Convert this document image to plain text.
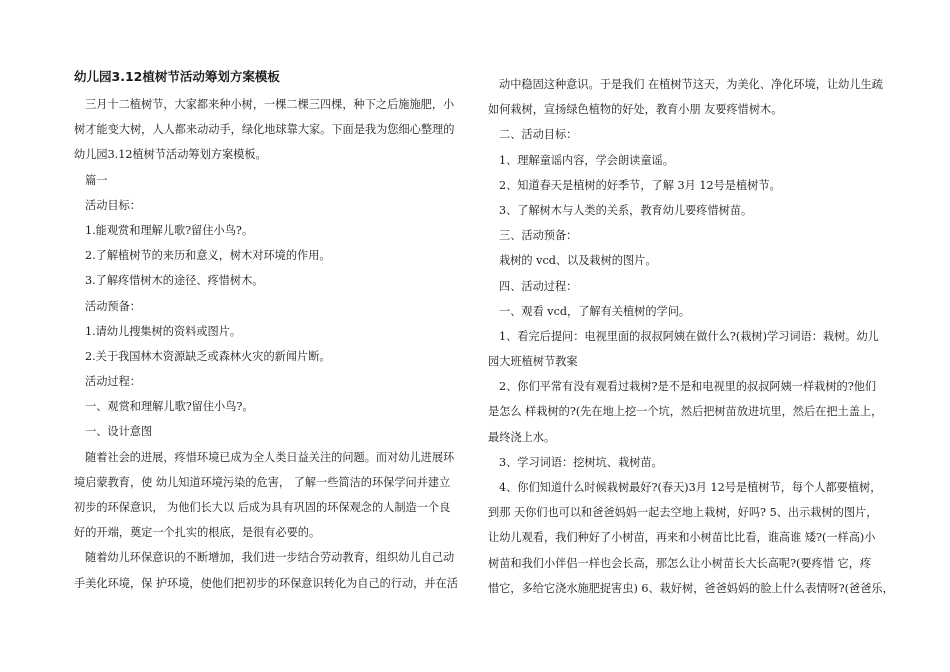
幼儿园3.12植树节活动筹划方案模板
三月十二植树节，大家都来种小树，一棵二棵三四棵，种下之后施施肥，小
树才能变大树，人人都来动动手，绿化地球靠大家。下面是我为您细心整理的
幼儿园3.12植树节活动筹划方案模板。
篇一
活动目标：
1.能观赏和理解儿歌?留住小鸟?。
2.了解植树节的来历和意义，树木对环境的作用。
3.了解疼惜树木的途径、疼惜树木。
活动预备：
1.请幼儿搜集树的资料或图片。
2.关于我国林木资源缺乏或森林火灾的新闻片断。
活动过程：
一、观赏和理解儿歌?留住小鸟?。
一、设计意图
随着社会的进展，疼惜环境已成为全人类日益关注的问题。而对幼儿进展环
境启蒙教育，使 幼儿知道环境污染的危害， 了解一些简洁的环保学问并建立
初步的环保意识， 为他们长大以 后成为具有巩固的环保观念的人制造一个良
好的开端，奠定一个扎实的根底，是很有必要的。
随着幼儿环保意识的不断增加，我们进一步结合劳动教育，组织幼儿自己动
手美化环境，保 护环境，使他们把初步的环保意识转化为自己的行动，并在活
动中稳固这种意识。于是我们 在植树节这天，为美化、净化环境，让幼儿生疏
如何栽树，宣扬绿色植物的好处，教育小朋 友要疼惜树木。
二、活动目标：
1、理解童谣内容，学会朗读童谣。
2、知道春天是植树的好季节，了解 3月 12号是植树节。
3、了解树木与人类的关系，教育幼儿要疼惜树苗。
三、活动预备：
栽树的 vcd、以及栽树的图片。
四、活动过程：
一、观看 vcd，了解有关植树的学问。
1、看完后提问：电视里面的叔叔阿姨在做什么?(栽树)学习词语：栽树。幼儿
园大班植树节教案
2、你们平常有没有观看过栽树?是不是和电视里的叔叔阿姨一样栽树的?他们
是怎么 样栽树的?(先在地上挖一个坑，然后把树苗放进坑里，然后在把土盖上，
最终浇上水。
3、学习词语：挖树坑、栽树苗。
4、你们知道什么时候栽树最好?(春天)3月 12号是植树节，每个人都要植树，
到那 天你们也可以和爸爸妈妈一起去空地上栽树，好吗? 5、出示栽树的图片，
让幼儿观看，我们种好了小树苗，再来和小树苗比比看，谁高谁 矮?(一样高)小
树苗和我们小伴侣一样也会长高，那怎么让小树苗长大长高呢?(要疼惜 它，疼
惜它，多给它浇水施肥捉害虫) 6、栽好树，爸爸妈妈的脸上什么表情呀?(爸爸乐，
